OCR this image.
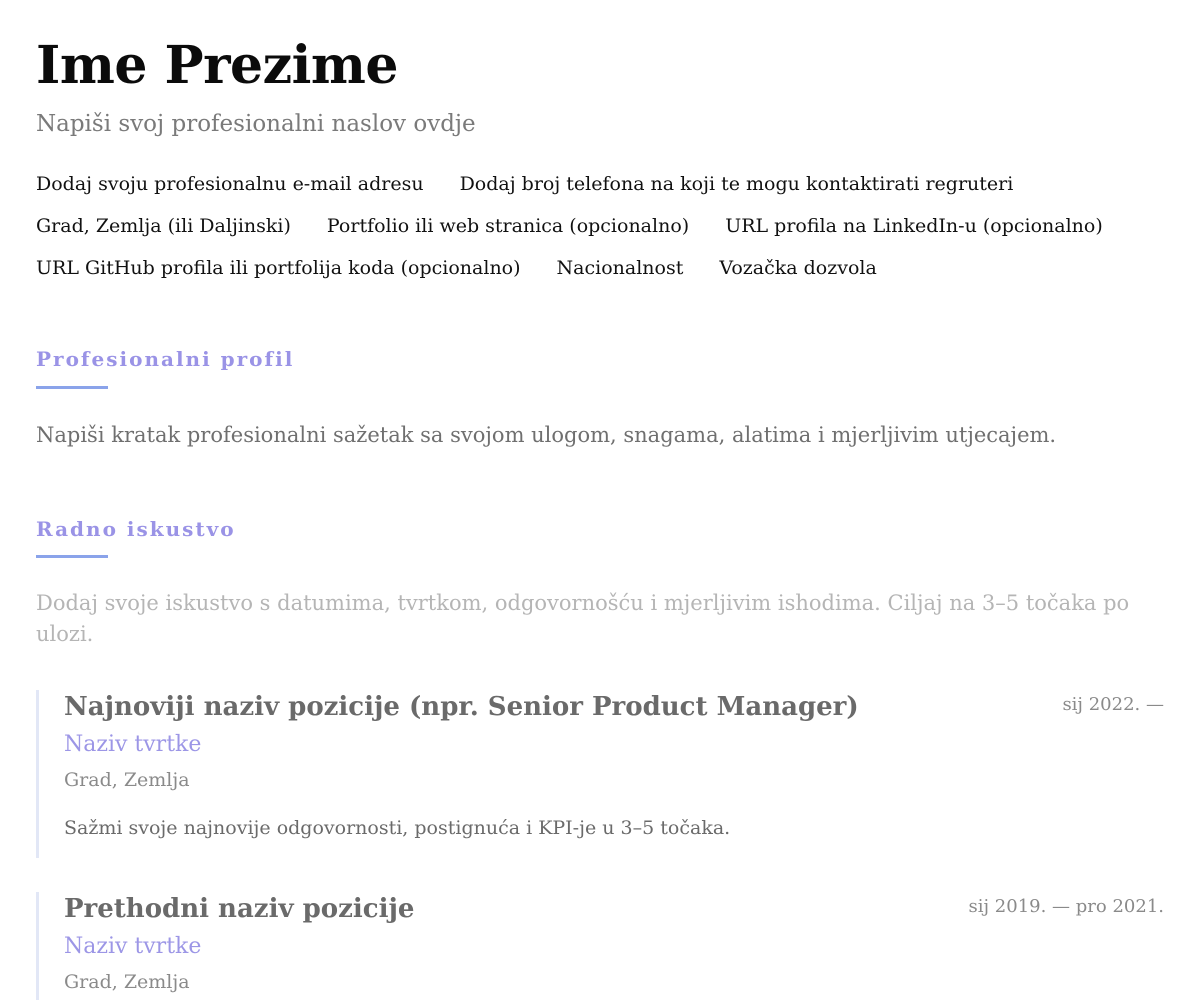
Ime Prezime
Napiši svoj profesionalni naslov ovdje
Dodaj svoju profesionalnu e-mail adresu Dodaj broj telefona na koji te mogu kontaktirati regruteri
Grad, Zemlja (ili Daljinski) Portfolio ili web stranica (opcionalno) URL profila na LinkedIn-u (opcionalno)
URL GitHub profila ili portfolija koda (opcionalno) Nacionalnost Vozačka dozvola
Profesionalni profil
Napiši kratak profesionalni sažetak sa svojom ulogom, snagama, alatima i mjerljivim utjecajem.
Radno iskustvo
Dodaj svoje iskustvo s datumima, tvrtkom, odgovornošću i mjerljivim ishodima. Ciljaj na 3–5 točaka po ulozi.
Najnoviji naziv pozicije (npr. Senior Product Manager)	sij 2022. —
Naziv tvrtke
Grad, Zemlja
Sažmi svoje najnovije odgovornosti, postignuća i KPI-je u 3–5 točaka.
Prethodni naziv pozicije	sij 2019. — pro 2021.
Naziv tvrtke
Grad, Zemlja
